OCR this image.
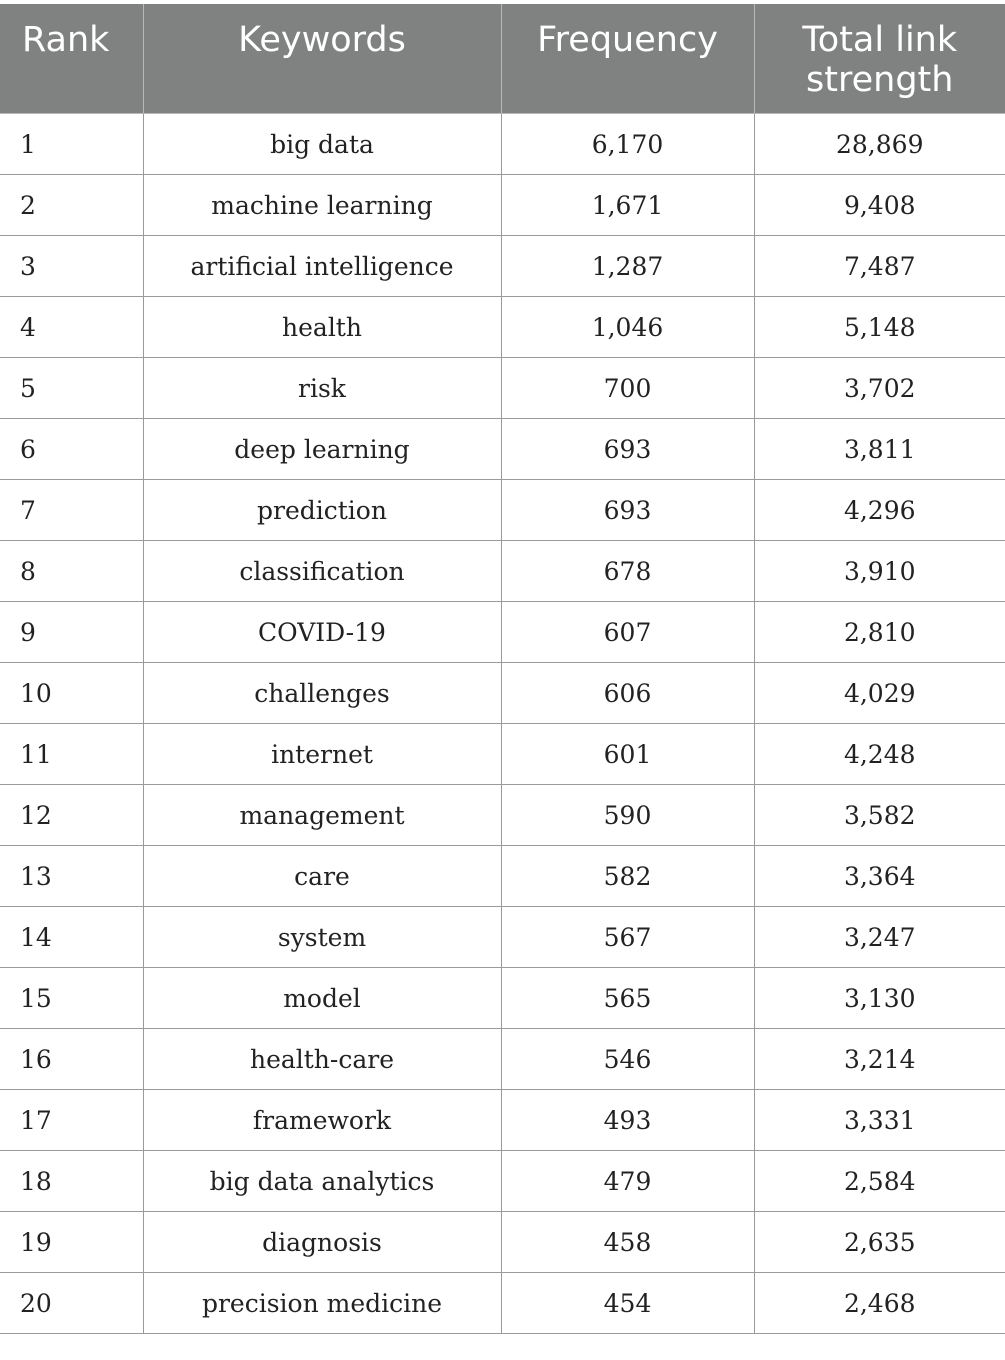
Rank	Keywords	Frequency	Total link
strength

1	big data	6,170	28,869
2	machine learning	1,671	9,408
3	artificial intelligence	1,287	7,487
4	health	1,046	5,148
5	risk	700	3,702
6	deep learning	693	3,811
7	prediction	693	4,296
8	classification	678	3,910
9	COVID-19	607	2,810
10	challenges	606	4,029
11	internet	601	4,248
12	management	590	3,582
13	care	582	3,364
14	system	567	3,247
15	model	565	3,130
16	health-care	546	3,214
17	framework	493	3,331
18	big data analytics	479	2,584
19	diagnosis	458	2,635
20	precision medicine	454	2,468
